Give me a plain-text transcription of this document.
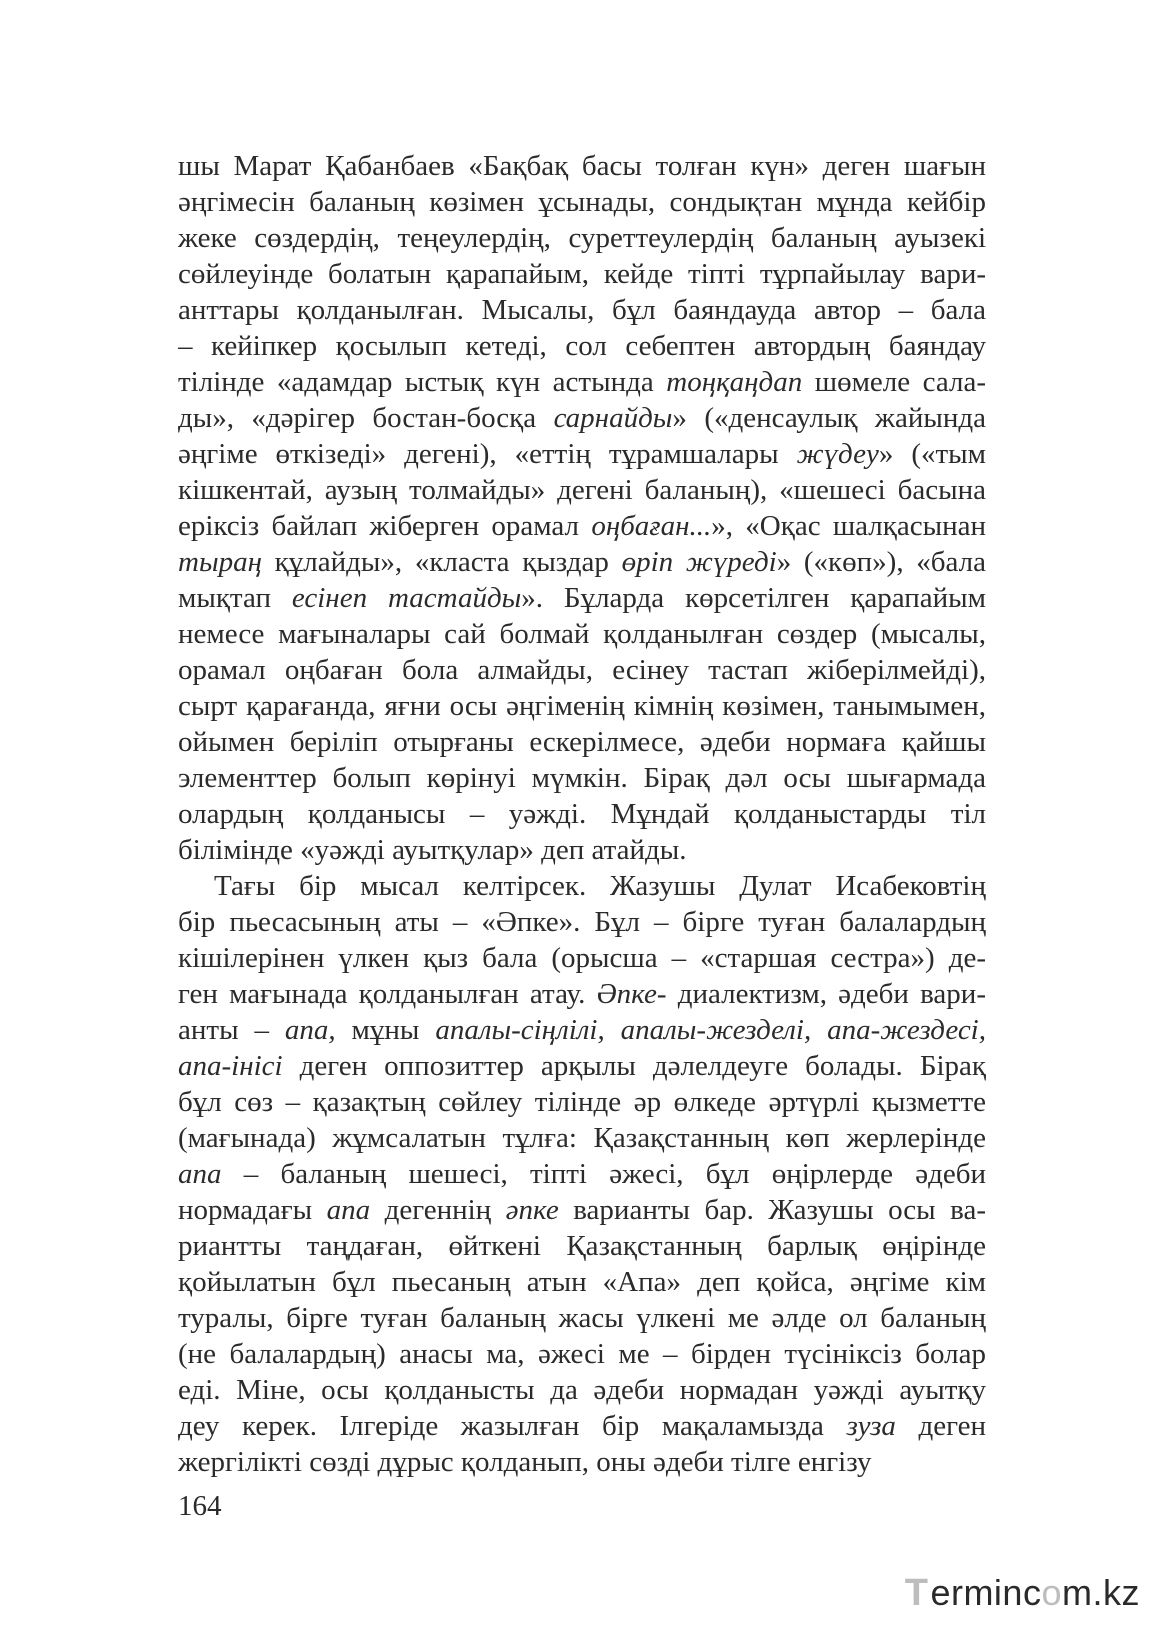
шы Марат Қабанбаев «Бақбақ басы толған күн» деген шағын
әңгімесін баланың көзімен ұсынады, сондықтан мұнда кейбір
жеке сөздердің, теңеулердің, суреттеулердің баланың ауызекі
сөйлеуінде болатын қарапайым, кейде тіпті тұрпайылау вари-
анттары қолданылған. Мысалы, бұл баяндауда автор – бала
– кейіпкер қосылып кетеді, сол себептен автордың баяндау
тілінде «адамдар ыстық күн астында тоңқаңдап шөмеле сала-
ды», «дәрігер бостан-босқа сарнайды» («денсаулық жайында
әңгіме өткізеді» дегені), «еттің тұрамшалары жүдеу» («тым
кішкентай, аузың толмайды» дегені баланың), «шешесі басына
еріксіз байлап жіберген орамал оңбаған...», «Оқас шалқасынан
тыраң құлайды», «класта қыздар өріп жүреді» («көп»), «бала
мықтап есінеп тастайды». Бұларда көрсетілген қарапайым
немесе мағыналары сай болмай қолданылған сөздер (мысалы,
орамал оңбаған бола алмайды, есінеу тастап жіберілмейді),
сырт қарағанда, яғни осы әңгіменің кімнің көзімен, танымымен,
ойымен беріліп отырғаны ескерілмесе, әдеби нормаға қайшы
элементтер болып көрінуі мүмкін. Бірақ дәл осы шығармада
олардың қолданысы – уәжді. Мұндай қолданыстарды тіл
білімінде «уәжді ауытқулар» деп атайды.
Тағы бір мысал келтірсек. Жазушы Дулат Исабековтің
бір пьесасының аты – «Әпке». Бұл – бірге туған балалардың
кішілерінен үлкен қыз бала (орысша – «старшая сестра») де-
ген мағынада қолданылған атау. Әпке- диалектизм, әдеби вари-
анты – апа, мұны апалы-сіңлілі, апалы-жезделі, апа-жездесі,
апа-інісі деген оппозиттер арқылы дәлелдеуге болады. Бірақ
бұл сөз – қазақтың сөйлеу тілінде әр өлкеде әртүрлі қызметте
(мағынада) жұмсалатын тұлға: Қазақстанның көп жерлерінде
апа – баланың шешесі, тіпті әжесі, бұл өңірлерде әдеби
нормадағы апа дегеннің әпке варианты бар. Жазушы осы ва-
риантты таңдаған, өйткені Қазақстанның барлық өңірінде
қойылатын бұл пьесаның атын «Апа» деп қойса, әңгіме кім
туралы, бірге туған баланың жасы үлкені ме әлде ол баланың
(не балалардың) анасы ма, әжесі ме – бірден түсініксіз болар
еді. Міне, осы қолданысты да әдеби нормадан уәжді ауытқу
деу керек. Ілгеріде жазылған бір мақаламызда зуза деген
жергілікті сөзді дұрыс қолданып, оны әдеби тілге енгізу
164
Termincom.kz
